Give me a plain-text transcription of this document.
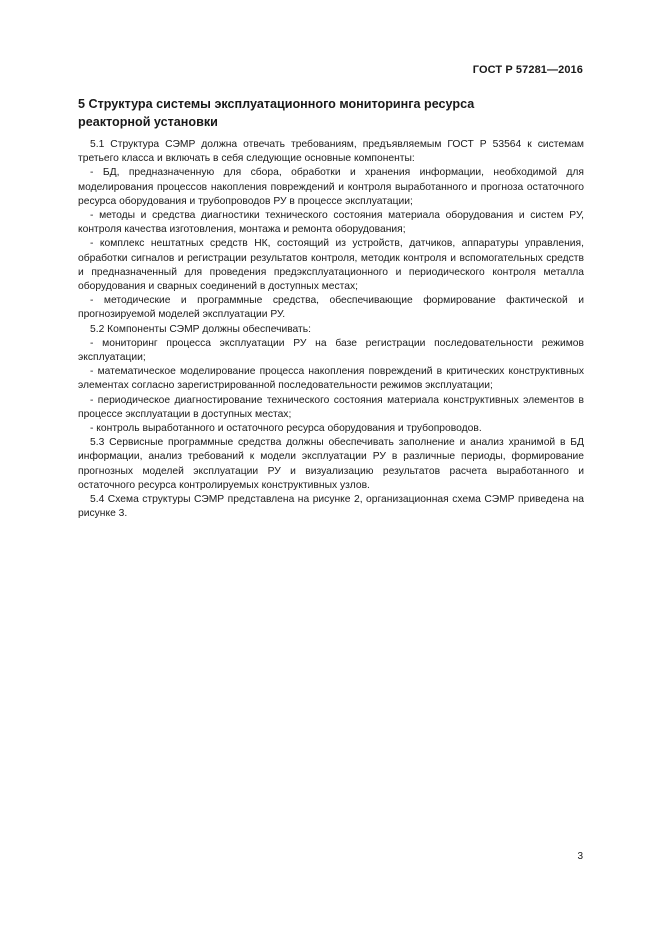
ГОСТ Р 57281—2016
5 Структура системы эксплуатационного мониторинга ресурса реакторной установки

5.1 Структура СЭМР должна отвечать требованиям, предъявляемым ГОСТ Р 53564 к системам третьего класса и включать в себя следующие основные компоненты:

- БД, предназначенную для сбора, обработки и хранения информации, необходимой для моделирования процессов накопления повреждений и контроля выработанного и прогноза остаточного ресурса оборудования и трубопроводов РУ в процессе эксплуатации;

- методы и средства диагностики технического состояния материала оборудования и систем РУ, контроля качества изготовления, монтажа и ремонта оборудования;

- комплекс нештатных средств НК, состоящий из устройств, датчиков, аппаратуры управления, обработки сигналов и регистрации результатов контроля, методик контроля и вспомогательных средств и предназначенный для проведения предэксплуатационного и периодического контроля металла оборудования и сварных соединений в доступных местах;

- методические и программные средства, обеспечивающие формирование фактической и прогнозируемой моделей эксплуатации РУ.

5.2 Компоненты СЭМР должны обеспечивать:

- мониторинг процесса эксплуатации РУ на базе регистрации последовательности режимов эксплуатации;

- математическое моделирование процесса накопления повреждений в критических конструктивных элементах согласно зарегистрированной последовательности режимов эксплуатации;

- периодическое диагностирование технического состояния материала конструктивных элементов в процессе эксплуатации в доступных местах;

- контроль выработанного и остаточного ресурса оборудования и трубопроводов.

5.3 Сервисные программные средства должны обеспечивать заполнение и анализ хранимой в БД информации, анализ требований к модели эксплуатации РУ в различные периоды, формирование прогнозных моделей эксплуатации РУ и визуализацию результатов расчета выработанного и остаточного ресурса контролируемых конструктивных узлов.

5.4 Схема структуры СЭМР представлена на рисунке 2, организационная схема СЭМР приведена на рисунке 3.

3
